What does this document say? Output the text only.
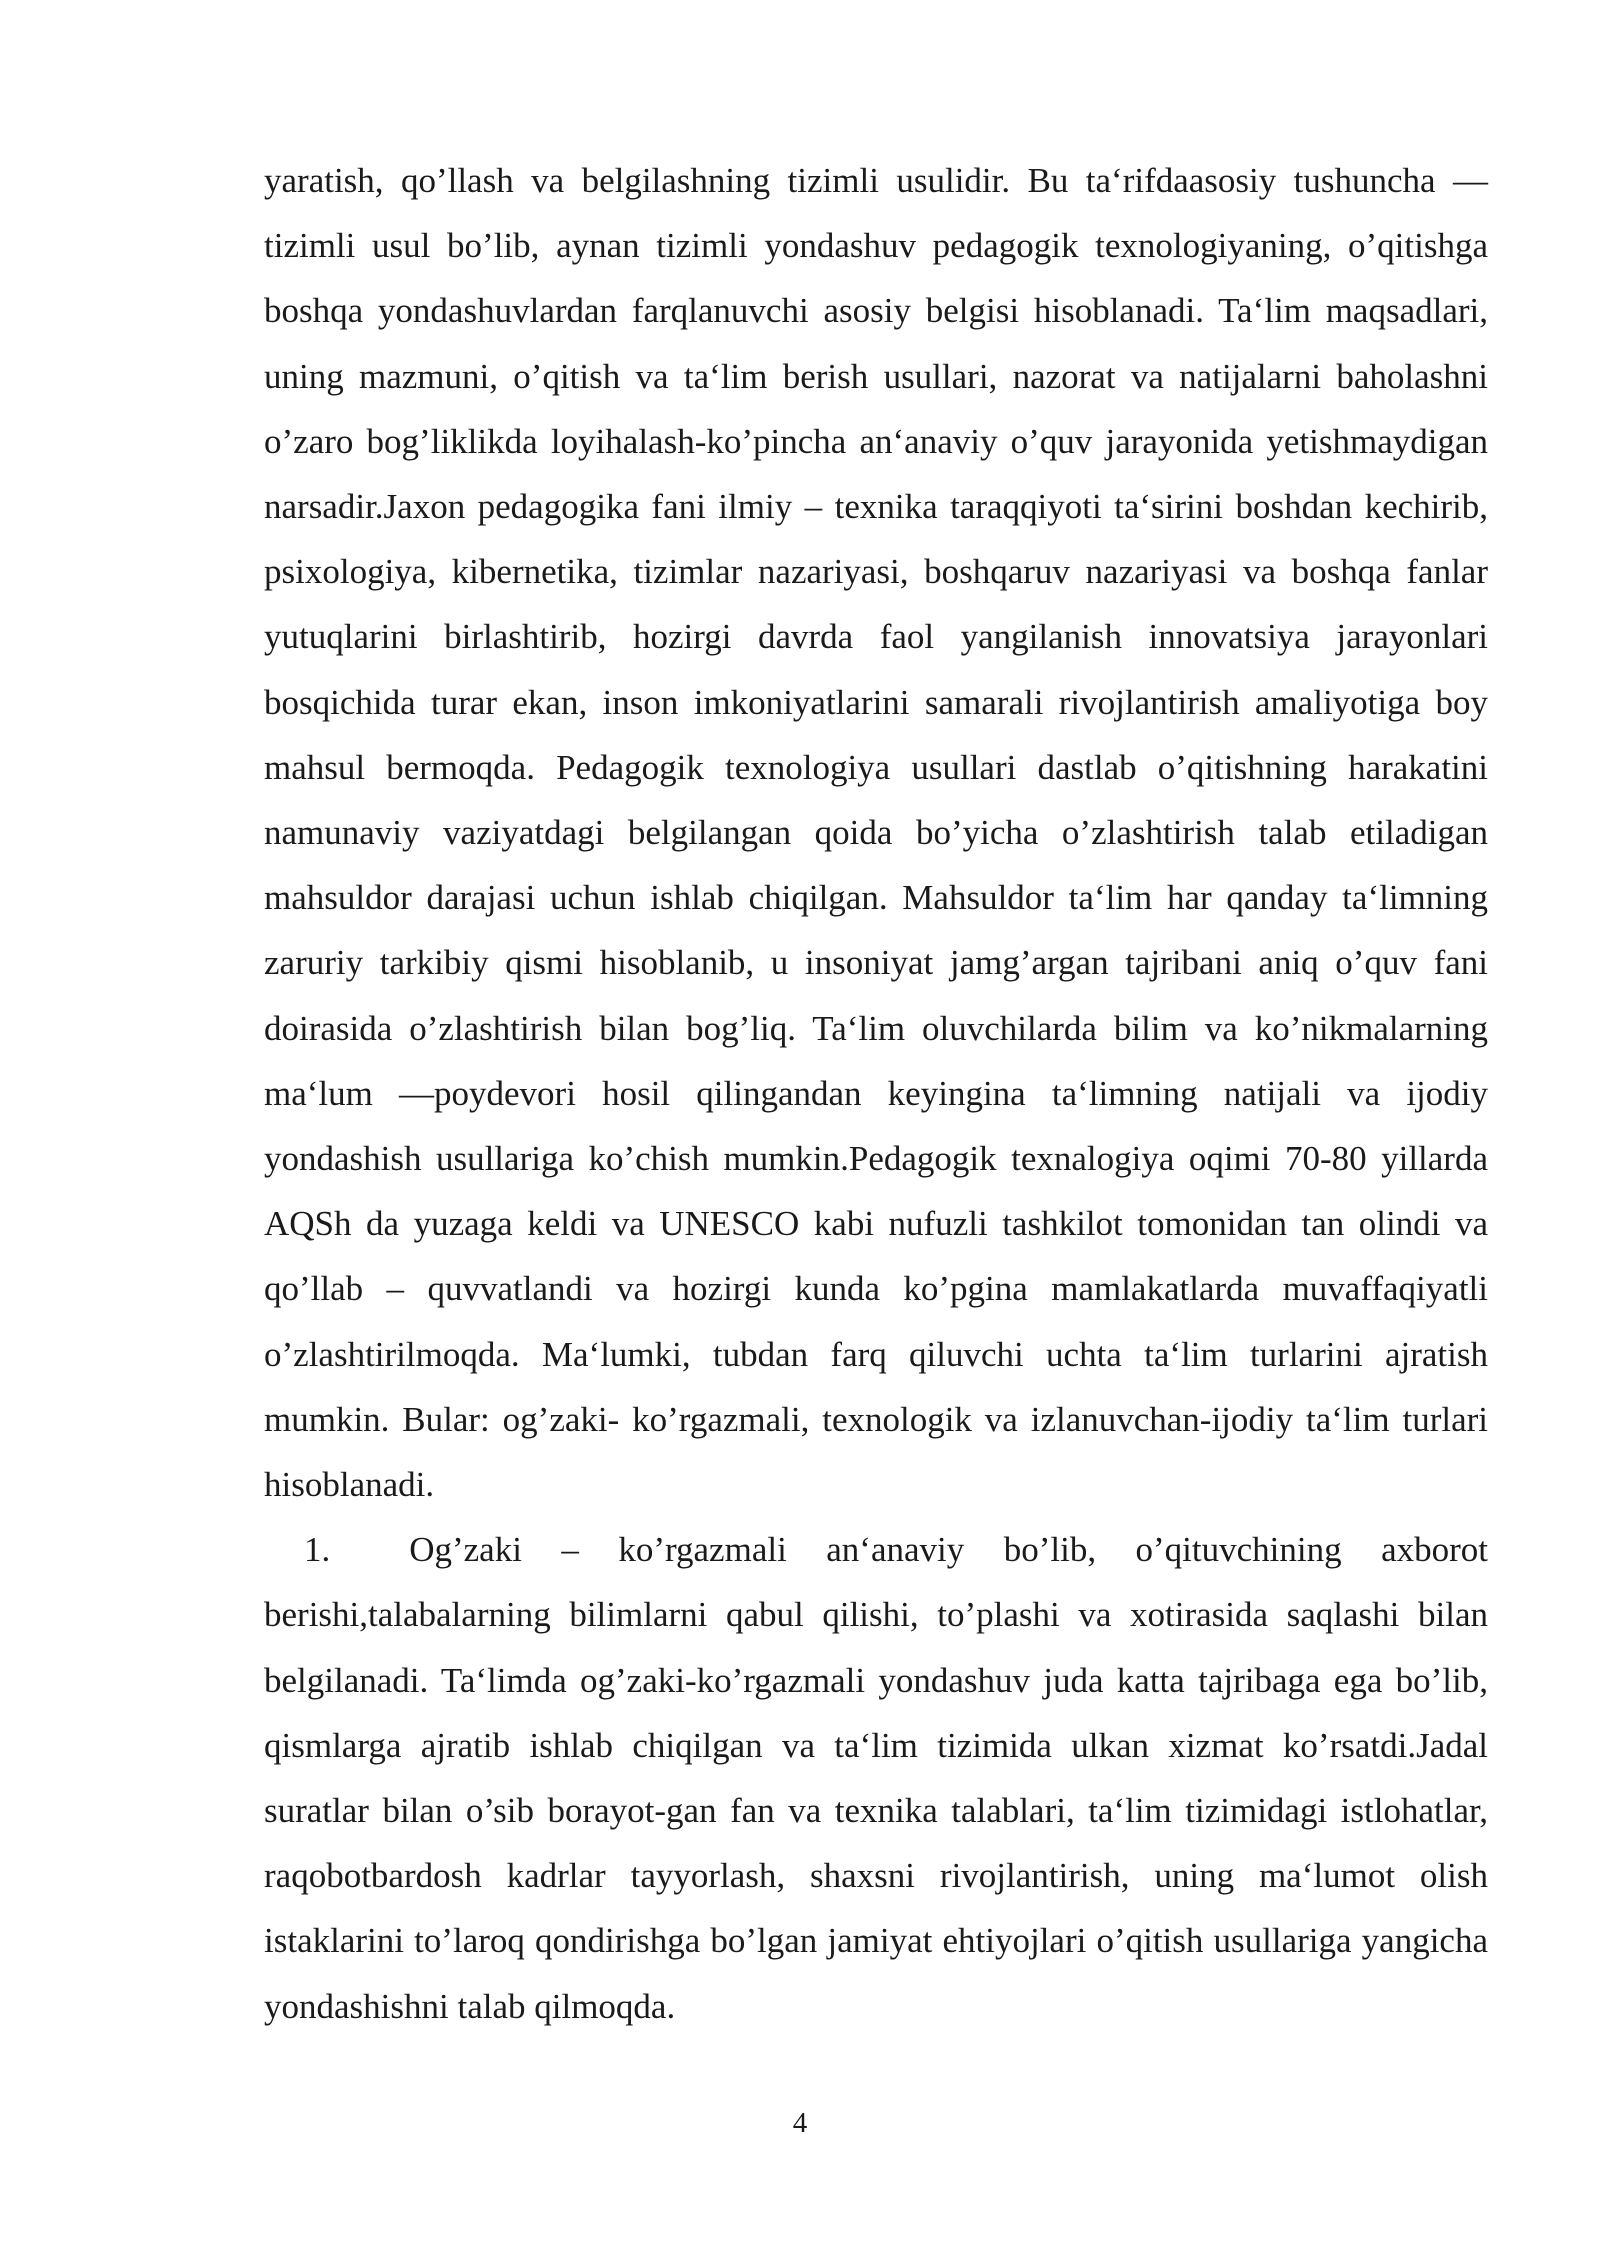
yaratish, qo’llash va belgilashning tizimli usulidir. Bu ta‘rifdaasosiy tushuncha —tizimli usul bo’lib, aynan tizimli yondashuv pedagogik texnologiyaning, o’qitishga boshqa yondashuvlardan farqlanuvchi asosiy belgisi hisoblanadi. Ta‘lim maqsadlari, uning mazmuni, o’qitish va ta‘lim berish usullari, nazorat va natijalarni baholashni o’zaro bog’liklikda loyihalash-ko’pincha an‘anaviy o’quv jarayonida yetishmaydigan narsadir.Jaxon pedagogika fani ilmiy – texnika taraqqiyoti ta‘sirini boshdan kechirib, psixologiya, kibernetika, tizimlar nazariyasi, boshqaruv nazariyasi va boshqa fanlar yutuqlarini birlashtirib, hozirgi davrda faol yangilanish innovatsiya jarayonlari bosqichida turar ekan, inson imkoniyatlarini samarali rivojlantirish amaliyotiga boy mahsul bermoqda. Pedagogik texnologiya usullari dastlab o’qitishning harakatini namunaviy vaziyatdagi belgilangan qoida bo’yicha o’zlashtirish talab etiladigan mahsuldor darajasi uchun ishlab chiqilgan. Mahsuldor ta‘lim har qanday ta‘limning zaruriy tarkibiy qismi hisoblanib, u insoniyat jamg’argan tajribani aniq o’quv fani doirasida o’zlashtirish bilan bog’liq. Ta‘lim oluvchilarda bilim va ko’nikmalarning ma‘lum —poydevori hosil qilingandan keyingina ta‘limning natijali va ijodiy yondashish usullariga ko’chish mumkin.Pedagogik texnalogiya oqimi 70-80 yillarda AQSh da yuzaga keldi va UNESCO kabi nufuzli tashkilot tomonidan tan olindi va qo’llab – quvvatlandi va hozirgi kunda ko’pgina mamlakatlarda muvaffaqiyatli o’zlashtirilmoqda. Ma‘lumki, tubdan farq qiluvchi uchta ta‘lim turlarini ajratish mumkin. Bular: og’zaki- ko’rgazmali, texnologik va izlanuvchan-ijodiy ta‘lim turlari hisoblanadi.

1. Og’zaki – ko’rgazmali an‘anaviy bo’lib, o’qituvchining axborot berishi,talabalarning bilimlarni qabul qilishi, to’plashi va xotirasida saqlashi bilan belgilanadi. Ta‘limda og’zaki-ko’rgazmali yondashuv juda katta tajribaga ega bo’lib, qismlarga ajratib ishlab chiqilgan va ta‘lim tizimida ulkan xizmat ko’rsatdi.Jadal suratlar bilan o’sib borayot-gan fan va texnika talablari, ta‘lim tizimidagi istlohatlar, raqobotbardosh kadrlar tayyorlash, shaxsni rivojlantirish, uning ma‘lumot olish istaklarini to’laroq qondirishga bo’lgan jamiyat ehtiyojlari o’qitish usullariga yangicha yondashishni talab qilmoqda.

4
